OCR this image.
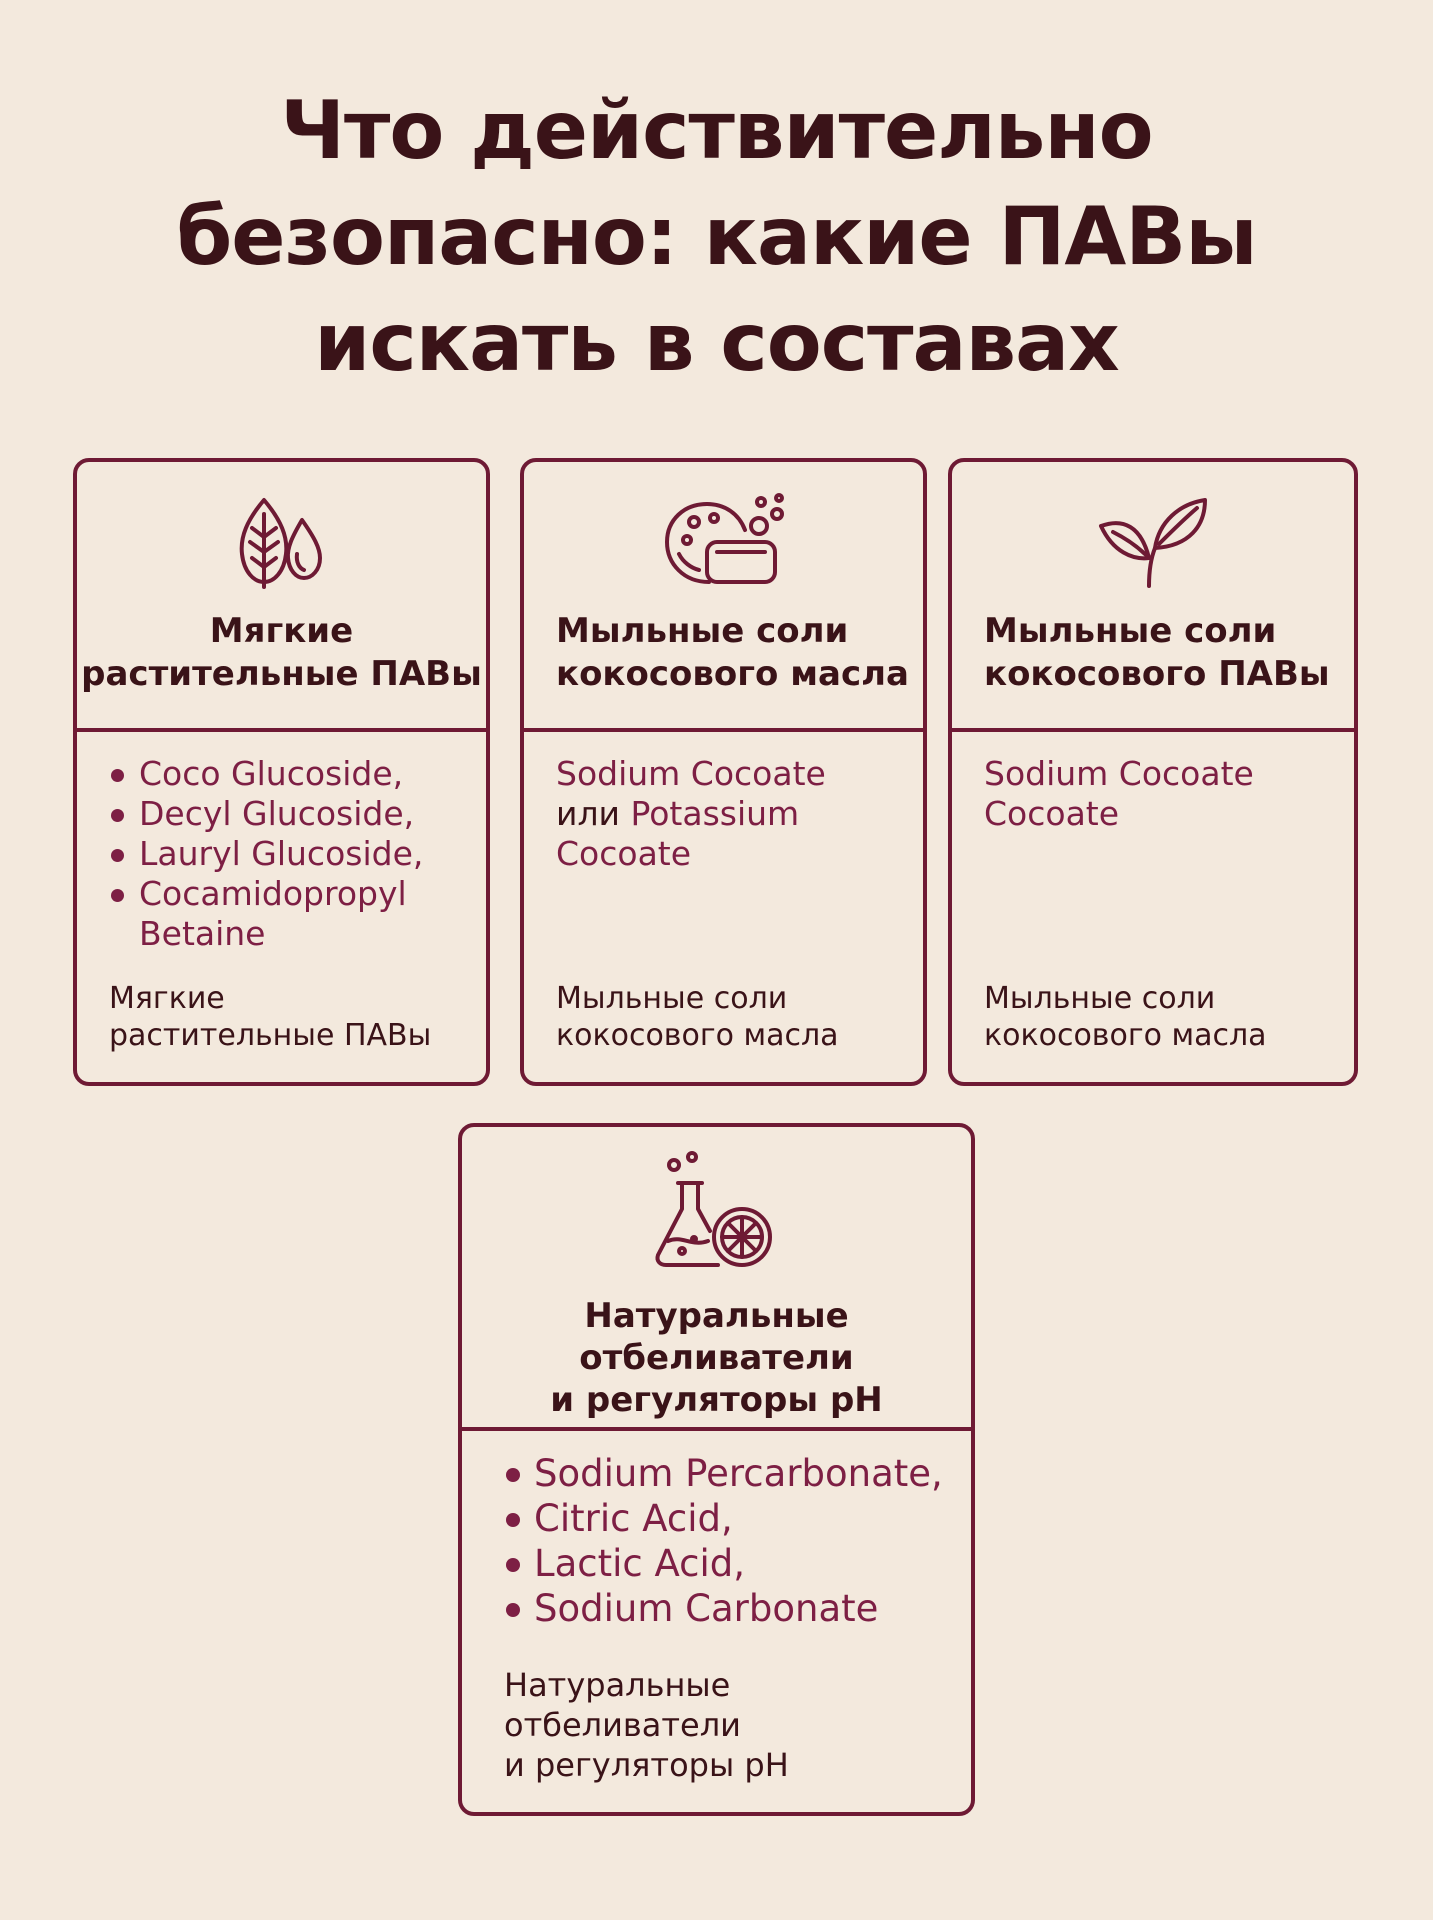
Что действительно
безопасно: какие ПАВы
искать в составах
Мягкие
растительные ПАВы
Coco Glucoside,
Decyl Glucoside,
Lauryl Glucoside,
Cocamidopropyl Betaine
Мягкие
растительные ПАВы
Мыльные соли
кокосового масла
Sodium Cocoate
или Potassium
Cocoate
Мыльные соли
кокосового масла
Мыльные соли
кокосового ПАВы
Sodium Cocoate
Cocoate
Мыльные соли
кокосового масла
Натуральные
отбеливатели
и регуляторы pH
Sodium Percarbonate,
Citric Acid,
Lactic Acid,
Sodium Carbonate
Натуральные
отбеливатели
и регуляторы pH
